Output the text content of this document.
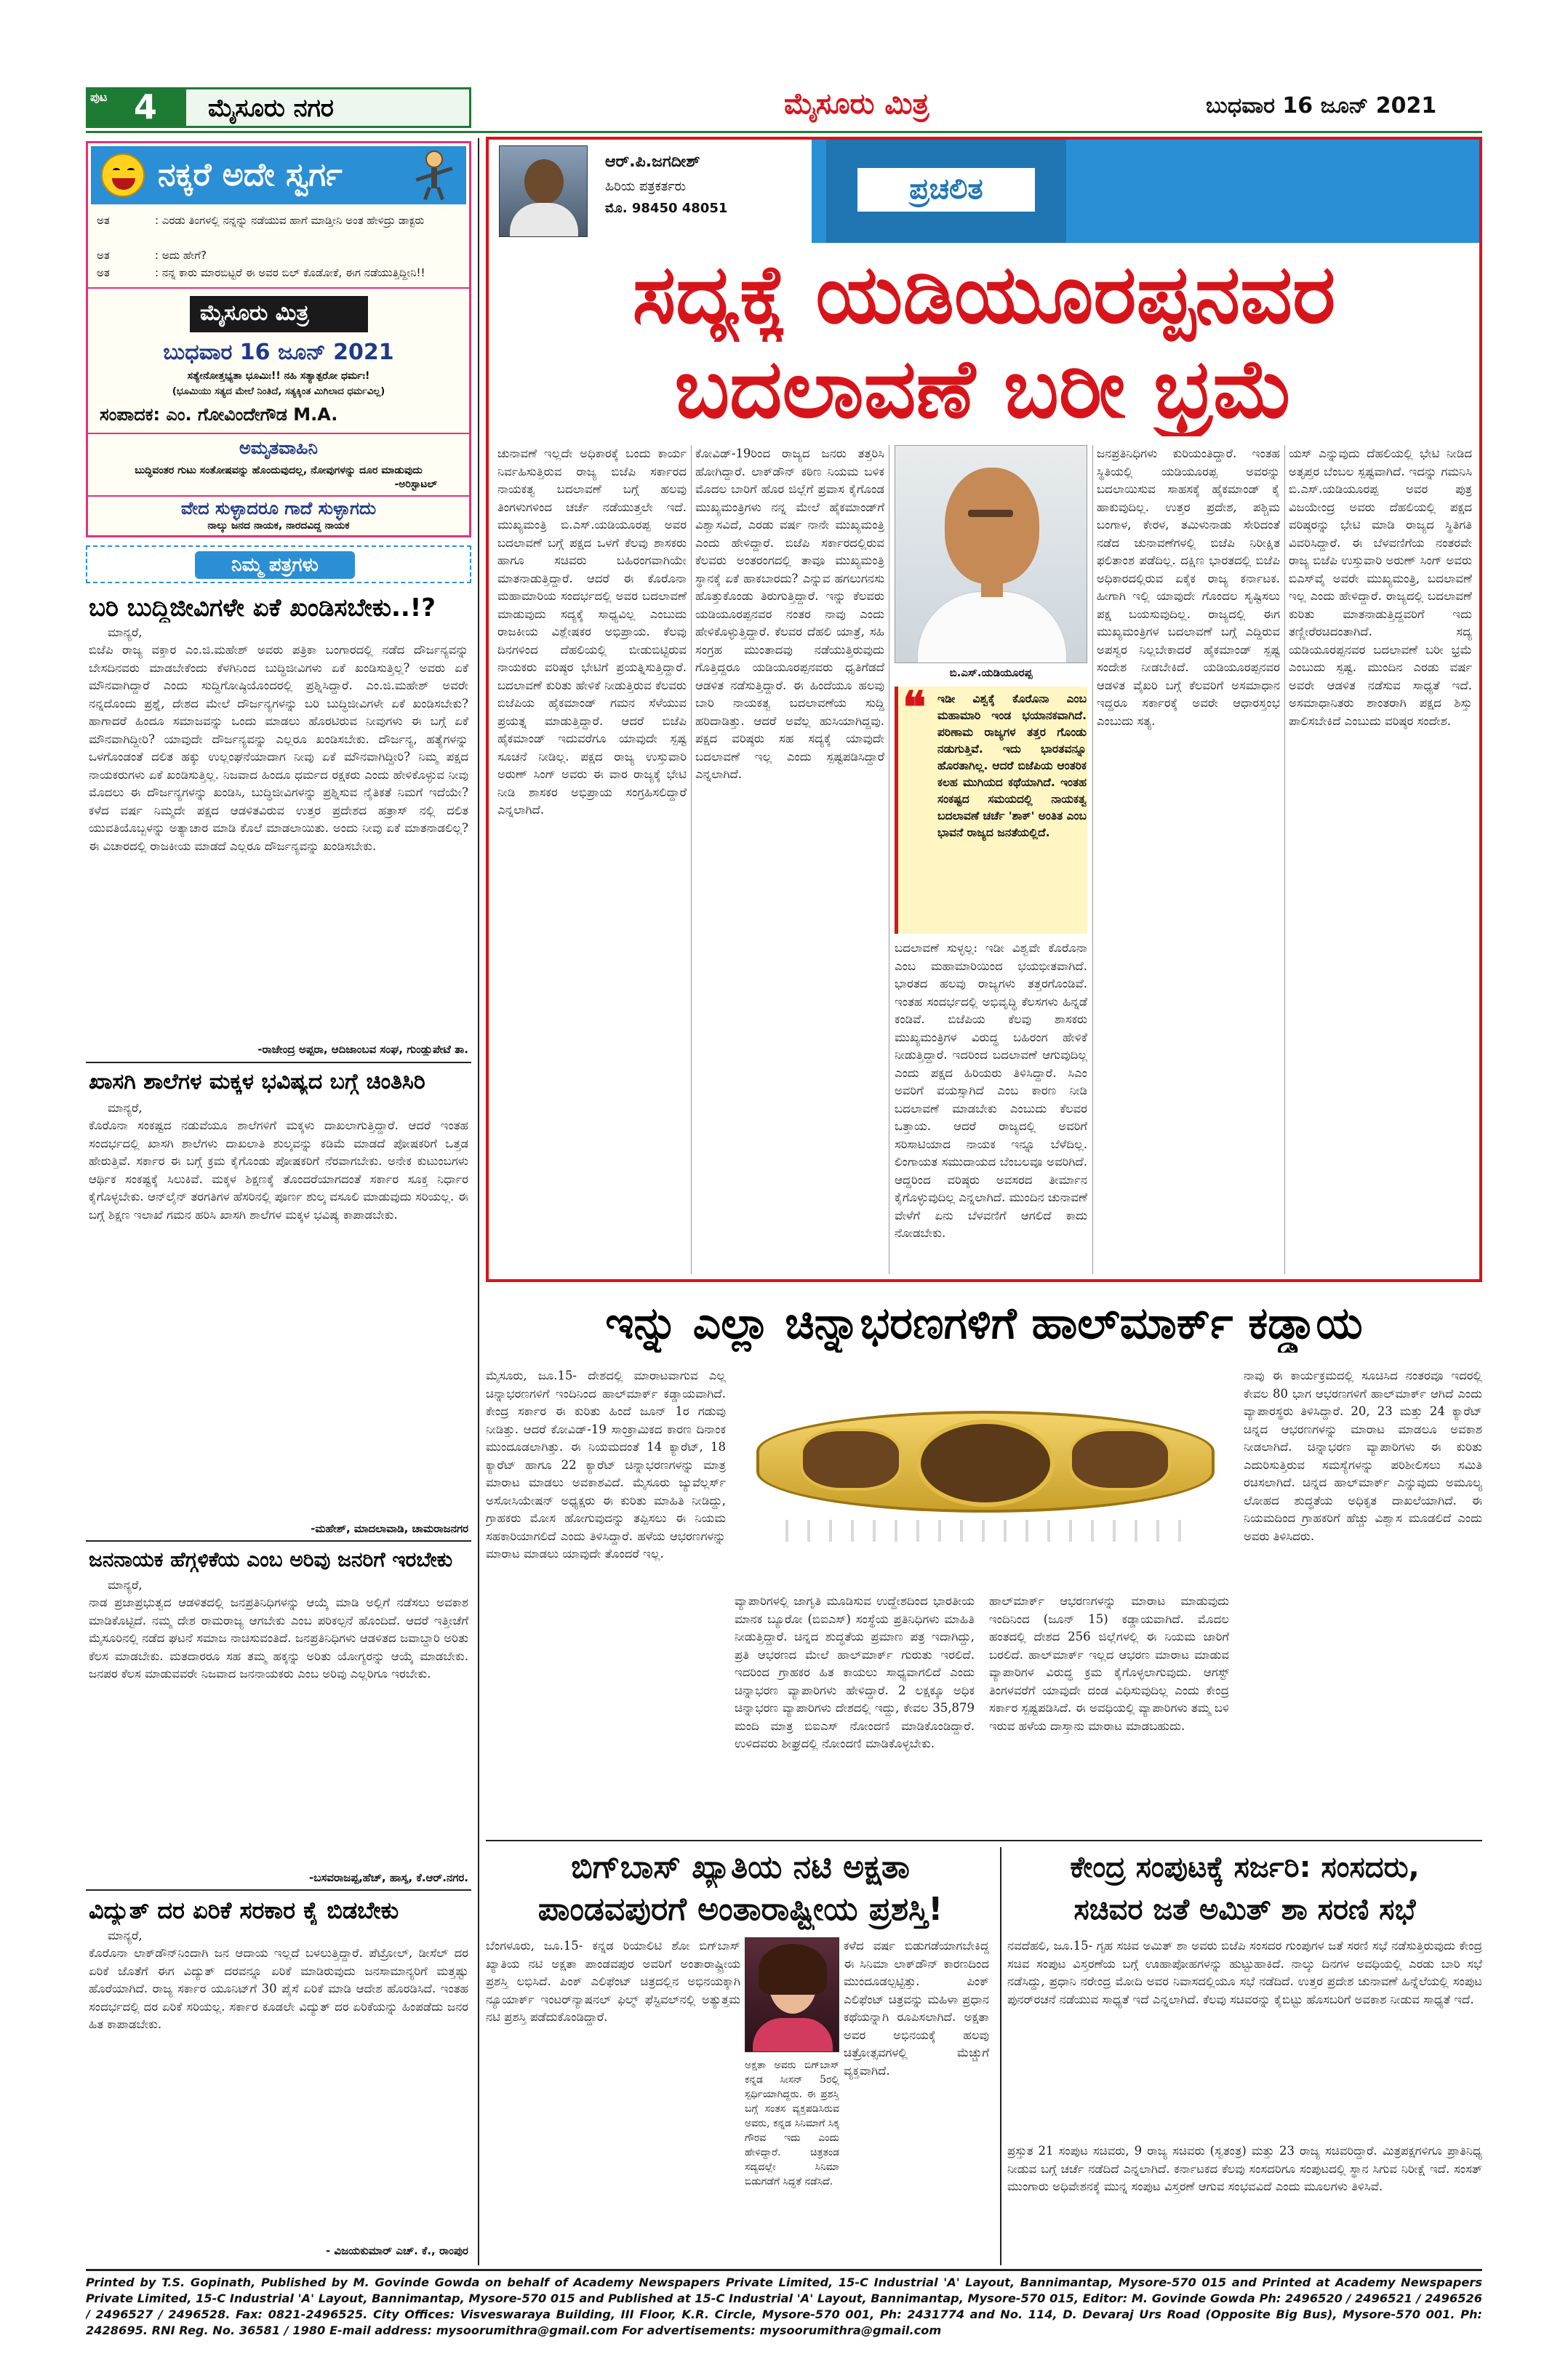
ಪುಟ 4 ಮೈಸೂರು ನಗರ	ಮೈಸೂರು ಮಿತ್ರ	ಬುಧವಾರ 16 ಜೂನ್ 2021
ನಕ್ಕರೆ ಅದೇ ಸ್ವರ್ಗ
ಅತ	: ಎರಡು ತಿಂಗಳಲ್ಲಿ ನನ್ನನ್ನು ನಡೆಯುವ ಹಾಗೆ ಮಾಡ್ತೀನಿ ಅಂತ ಹೇಳಿದ್ರು ಡಾಕ್ಟರು
ಅತ	: ಅದು ಹೇಗೆ?
ಅತ	: ನನ್ನ ಕಾರು ಮಾರಬಿಟ್ಟರೆ ಈ ಅವರ ಬಿಲ್ ಕೊಡೋಕೆ, ಈಗ ನಡೆಯುತ್ತಿದ್ದೀನಿ!!
ಮೈಸೂರು ಮಿತ್ರ
ಬುಧವಾರ 16 ಜೂನ್ 2021
ಸತ್ಯೇನೋತ್ತಭ್ಯತಾ ಭೂಮಿಃ!! ನಹಿ ಸತ್ಯಾತ್ಪರೋ ಧರ್ಮಃ!
(ಭೂಮಿಯು ಸತ್ಯದ ಮೇಲೆ ನಿಂತಿದೆ, ಸತ್ಯಕ್ಕಿಂತ ಮಿಗಿಲಾದ ಧರ್ಮವಿಲ್ಲ)
ಸಂಪಾದಕ: ಎಂ. ಗೋವಿಂದೇಗೌಡ M.A.
ಅಮೃತವಾಹಿನಿ
ಬುದ್ಧಿವಂತರ ಗುಟು ಸಂತೋಷವನ್ನು ಹೊಂದುವುದಲ್ಲ, ನೋವುಗಳನ್ನು ದೂರ ಮಾಡುವುದು
-ಅರಿಸ್ಟಾಟಲ್
ವೇದ ಸುಳ್ಳಾದರೂ ಗಾದೆ ಸುಳ್ಳಾಗದು
ನಾಲ್ಕು ಜನದ ನಾಯಕ, ನಾರದವಿದ್ದ ನಾಯಕ
ನಿಮ್ಮ ಪತ್ರಗಳು
ಬರಿ ಬುದ್ಧಿಜೀವಿಗಳೇ ಏಕೆ ಖಂಡಿಸಬೇಕು..!?
ಮಾನ್ಯರೆ,
ಬಿಜೆಪಿ ರಾಜ್ಯ ವಕ್ತಾರ ಎಂ.ಜಿ.ಮಹೇಶ್ ಅವರು ಪತ್ರಿಕಾ ಬಂಗಾರದಲ್ಲಿ ನಡೆದ ದೌರ್ಜನ್ಯವನ್ನು ಬೇಸದಿನವರು ಮಾಡಬೇಕೆಂದು ಕೆಳಗಿನಿಂದ ಬುದ್ಧಿಜೀವಿಗಳು ಏಕೆ ಖಂಡಿಸುತ್ತಿಲ್ಲ? ಅವರು ಏಕೆ ಮೌನವಾಗಿದ್ದಾರೆ ಎಂದು ಸುದ್ದಿಗೋಷ್ಠಿಯೊಂದರಲ್ಲಿ ಪ್ರಶ್ನಿಸಿದ್ದಾರೆ. ಎಂ.ಜಿ.ಮಹೇಶ್ ಅವರೇ ನನ್ನದೊಂದು ಪ್ರಶ್ನೆ, ದೇಶದ ಮೇಲೆ ದೌರ್ಜನ್ಯಗಳನ್ನು ಬರಿ ಬುದ್ಧಿಜೀವಿಗಳೇ ಏಕೆ ಖಂಡಿಸಬೇಕು? ಹಾಗಾದರೆ ಹಿಂದೂ ಸಮಾಜವನ್ನು ಒಂದು ಮಾಡಲು ಹೊರಟಿರುವ ನೀವುಗಳು ಈ ಬಗ್ಗೆ ಏಕೆ ಮೌನವಾಗಿದ್ದೀರಿ? ಯಾವುದೇ ದೌರ್ಜನ್ಯವನ್ನು ಎಲ್ಲರೂ ಖಂಡಿಸಬೇಕು. ದೌರ್ಜನ್ಯ, ಹತ್ಯೆಗಳನ್ನು ಒಳಗೊಂಡಂತೆ ದಲಿತ ಹಕ್ಕು ಉಲ್ಲಂಘನೆಯಾದಾಗ ನೀವು ಏಕೆ ಮೌನವಾಗಿದ್ದೀರಿ? ನಿಮ್ಮ ಪಕ್ಷದ ನಾಯಕರುಗಳು ಏಕೆ ಖಂಡಿಸುತ್ತಿಲ್ಲ. ನಿಜವಾದ ಹಿಂದೂ ಧರ್ಮದ ರಕ್ಷಕರು ಎಂದು ಹೇಳಿಕೊಳ್ಳುವ ನೀವು ಮೊದಲು ಈ ದೌರ್ಜನ್ಯಗಳನ್ನು ಖಂಡಿಸಿ, ಬುದ್ಧಿಜೀವಿಗಳನ್ನು ಪ್ರಶ್ನಿಸುವ ನೈತಿಕತೆ ನಿಮಗೆ ಇದೆಯೇ? ಕಳೆದ ವರ್ಷ ನಿಮ್ಮದೇ ಪಕ್ಷದ ಆಡಳಿತವಿರುವ ಉತ್ತರ ಪ್ರದೇಶದ ಹತ್ರಾಸ್ ನಲ್ಲಿ ದಲಿತ ಯುವತಿಯೊಬ್ಬಳನ್ನು ಅತ್ಯಾಚಾರ ಮಾಡಿ ಕೊಲೆ ಮಾಡಲಾಯಿತು. ಅಂದು ನೀವು ಏಕೆ ಮಾತನಾಡಲಿಲ್ಲ? ಈ ವಿಚಾರದಲ್ಲಿ ರಾಜಕೀಯ ಮಾಡದೆ ಎಲ್ಲರೂ ದೌರ್ಜನ್ಯವನ್ನು ಖಂಡಿಸಬೇಕು.
-ರಾಜೇಂದ್ರ ಅಪ್ಪರಾ, ಆದಿಜಾಂಬವ ಸಂಘ, ಗುಂಡ್ಲುಪೇಟೆ ತಾ.
ಖಾಸಗಿ ಶಾಲೆಗಳ ಮಕ್ಕಳ ಭವಿಷ್ಯದ ಬಗ್ಗೆ ಚಿಂತಿಸಿರಿ
ಮಾನ್ಯರೆ,
ಕೊರೊನಾ ಸಂಕಷ್ಟದ ನಡುವೆಯೂ ಶಾಲೆಗಳಿಗೆ ಮಕ್ಕಳು ದಾಖಲಾಗುತ್ತಿದ್ದಾರೆ. ಆದರೆ ಇಂತಹ ಸಂದರ್ಭದಲ್ಲಿ ಖಾಸಗಿ ಶಾಲೆಗಳು ದಾಖಲಾತಿ ಶುಲ್ಕವನ್ನು ಕಡಿಮೆ ಮಾಡದೆ ಪೋಷಕರಿಗೆ ಒತ್ತಡ ಹೇರುತ್ತಿವೆ. ಸರ್ಕಾರ ಈ ಬಗ್ಗೆ ಕ್ರಮ ಕೈಗೊಂಡು ಪೋಷಕರಿಗೆ ನೆರವಾಗಬೇಕು. ಅನೇಕ ಕುಟುಂಬಗಳು ಆರ್ಥಿಕ ಸಂಕಷ್ಟಕ್ಕೆ ಸಿಲುಕಿವೆ. ಮಕ್ಕಳ ಶಿಕ್ಷಣಕ್ಕೆ ತೊಂದರೆಯಾಗದಂತೆ ಸರ್ಕಾರ ಸೂಕ್ತ ನಿರ್ಧಾರ ಕೈಗೊಳ್ಳಬೇಕು. ಆನ್‌ಲೈನ್ ತರಗತಿಗಳ ಹೆಸರಿನಲ್ಲಿ ಪೂರ್ಣ ಶುಲ್ಕ ವಸೂಲಿ ಮಾಡುವುದು ಸರಿಯಲ್ಲ. ಈ ಬಗ್ಗೆ ಶಿಕ್ಷಣ ಇಲಾಖೆ ಗಮನ ಹರಿಸಿ ಖಾಸಗಿ ಶಾಲೆಗಳ ಮಕ್ಕಳ ಭವಿಷ್ಯ ಕಾಪಾಡಬೇಕು.
-ಮಹೇಶ್, ಮಾದಲಾವಾಡಿ, ಚಾಮರಾಜನಗರ
ಜನನಾಯಕ ಹೆಗ್ಗಳಿಕೆಯ ಎಂಬ ಅರಿವು ಜನರಿಗೆ ಇರಬೇಕು
ಮಾನ್ಯರೆ,
ನಾಡ ಪ್ರಜಾಪ್ರಭುತ್ವದ ಆಡಳಿತದಲ್ಲಿ ಜನಪ್ರತಿನಿಧಿಗಳನ್ನು ಆಯ್ಕೆ ಮಾಡಿ ಅಲ್ಲಿಗೆ ನಡೆಸಲು ಅವಕಾಶ ಮಾಡಿಕೊಟ್ಟಿದೆ. ನಮ್ಮ ದೇಶ ರಾಮರಾಜ್ಯ ಆಗಬೇಕು ಎಂಬ ಪರಿಕಲ್ಪನೆ ಹೊಂದಿದೆ. ಆದರೆ ಇತ್ತೀಚೆಗೆ ಮೈಸೂರಿನಲ್ಲಿ ನಡೆದ ಘಟನೆ ಸಮಾಜ ನಾಚಿಸುವಂತಿದೆ. ಜನಪ್ರತಿನಿಧಿಗಳು ಆಡಳಿತದ ಜವಾಬ್ದಾರಿ ಅರಿತು ಕೆಲಸ ಮಾಡಬೇಕು. ಮತದಾರರೂ ಸಹ ತಮ್ಮ ಹಕ್ಕನ್ನು ಅರಿತು ಯೋಗ್ಯರನ್ನು ಆಯ್ಕೆ ಮಾಡಬೇಕು. ಜನಪರ ಕೆಲಸ ಮಾಡುವವರೇ ನಿಜವಾದ ಜನನಾಯಕರು ಎಂಬ ಅರಿವು ಎಲ್ಲರಿಗೂ ಇರಬೇಕು.
-ಬಸವರಾಜಪ್ಪ,ಹೆಚ್, ಹಾಸ್ಯ, ಕೆ.ಆರ್.ನಗರ.
ವಿದ್ಯುತ್ ದರ ಏರಿಕೆ ಸರಕಾರ ಕೈ ಬಿಡಬೇಕು
ಮಾನ್ಯರೆ,
ಕೊರೊನಾ ಲಾಕ್‌ಡೌನ್‌ನಿಂದಾಗಿ ಜನ ಆದಾಯ ಇಲ್ಲದೆ ಬಳಲುತ್ತಿದ್ದಾರೆ. ಪೆಟ್ರೋಲ್, ಡೀಸೆಲ್ ದರ ಏರಿಕೆ ಜೊತೆಗೆ ಈಗ ವಿದ್ಯುತ್ ದರವನ್ನೂ ಏರಿಕೆ ಮಾಡಿರುವುದು ಜನಸಾಮಾನ್ಯರಿಗೆ ಮತ್ತಷ್ಟು ಹೊರೆಯಾಗಿದೆ. ರಾಜ್ಯ ಸರ್ಕಾರ ಯೂನಿಟ್‌ಗೆ 30 ಪೈಸೆ ಏರಿಕೆ ಮಾಡಿ ಆದೇಶ ಹೊರಡಿಸಿದೆ. ಇಂತಹ ಸಂದರ್ಭದಲ್ಲಿ ದರ ಏರಿಕೆ ಸರಿಯಲ್ಲ. ಸರ್ಕಾರ ಕೂಡಲೇ ವಿದ್ಯುತ್ ದರ ಏರಿಕೆಯನ್ನು ಹಿಂಪಡೆದು ಜನರ ಹಿತ ಕಾಪಾಡಬೇಕು.
- ವಿಜಯಕುಮಾರ್ ಎಚ್. ಕೆ., ರಾಂಪುರ
ಆರ್.ಪಿ.ಜಗದೀಶ್
ಹಿರಿಯ ಪತ್ರಕರ್ತರು
ಮೊ. 98450 48051
ಪ್ರಚಲಿತ
ಸದ್ಯಕ್ಕೆ ಯಡಿಯೂರಪ್ಪನವರ
ಬದಲಾವಣೆ ಬರೀ ಭ್ರಮೆ
ಚುನಾವಣೆ ಇಲ್ಲದೇ ಅಧಿಕಾರಕ್ಕೆ ಬಂದು ಕಾರ್ಯ ನಿರ್ವಹಿಸುತ್ತಿರುವ ರಾಜ್ಯ ಬಿಜೆಪಿ ಸರ್ಕಾರದ ನಾಯಕತ್ವ ಬದಲಾವಣೆ ಬಗ್ಗೆ ಹಲವು ತಿಂಗಳುಗಳಿಂದ ಚರ್ಚೆ ನಡೆಯುತ್ತಲೇ ಇದೆ. ಮುಖ್ಯಮಂತ್ರಿ ಬಿ.ಎಸ್.ಯಡಿಯೂರಪ್ಪ ಅವರ ಬದಲಾವಣೆ ಬಗ್ಗೆ ಪಕ್ಷದ ಒಳಗೆ ಕೆಲವು ಶಾಸಕರು ಹಾಗೂ ಸಚಿವರು ಬಹಿರಂಗವಾಗಿಯೇ ಮಾತನಾಡುತ್ತಿದ್ದಾರೆ. ಆದರೆ ಈ ಕೊರೊನಾ ಮಹಾಮಾರಿಯ ಸಂದರ್ಭದಲ್ಲಿ ಅವರ ಬದಲಾವಣೆ ಮಾಡುವುದು ಸದ್ಯಕ್ಕೆ ಸಾಧ್ಯವಿಲ್ಲ ಎಂಬುದು ರಾಜಕೀಯ ವಿಶ್ಲೇಷಕರ ಅಭಿಪ್ರಾಯ. ಕೆಲವು ದಿನಗಳಿಂದ ದೆಹಲಿಯಲ್ಲಿ ಬೀಡುಬಿಟ್ಟಿರುವ ನಾಯಕರು ವರಿಷ್ಠರ ಭೇಟಿಗೆ ಪ್ರಯತ್ನಿಸುತ್ತಿದ್ದಾರೆ. ಬದಲಾವಣೆ ಕುರಿತು ಹೇಳಿಕೆ ನೀಡುತ್ತಿರುವ ಕೆಲವರು ಬಿಜೆಪಿಯ ಹೈಕಮಾಂಡ್ ಗಮನ ಸೆಳೆಯುವ ಪ್ರಯತ್ನ ಮಾಡುತ್ತಿದ್ದಾರೆ. ಆದರೆ ಬಿಜೆಪಿ ಹೈಕಮಾಂಡ್ ಇದುವರೆಗೂ ಯಾವುದೇ ಸ್ಪಷ್ಟ ಸೂಚನೆ ನೀಡಿಲ್ಲ. ಪಕ್ಷದ ರಾಜ್ಯ ಉಸ್ತುವಾರಿ ಅರುಣ್ ಸಿಂಗ್ ಅವರು ಈ ವಾರ ರಾಜ್ಯಕ್ಕೆ ಭೇಟಿ ನೀಡಿ ಶಾಸಕರ ಅಭಿಪ್ರಾಯ ಸಂಗ್ರಹಿಸಲಿದ್ದಾರೆ ಎನ್ನಲಾಗಿದೆ.
ಕೋವಿಡ್-19ರಿಂದ ರಾಜ್ಯದ ಜನರು ತತ್ತರಿಸಿ ಹೋಗಿದ್ದಾರೆ. ಲಾಕ್‌ಡೌನ್ ಕಠಿಣ ನಿಯಮ ಬಳಿಕ ಮೊದಲ ಬಾರಿಗೆ ಹೊರ ಜಿಲ್ಲೆಗೆ ಪ್ರವಾಸ ಕೈಗೊಂಡ ಮುಖ್ಯಮಂತ್ರಿಗಳು ನನ್ನ ಮೇಲೆ ಹೈಕಮಾಂಡ್‌ಗೆ ವಿಶ್ವಾಸವಿದೆ, ಎರಡು ವರ್ಷ ನಾನೇ ಮುಖ್ಯಮಂತ್ರಿ ಎಂದು ಹೇಳಿದ್ದಾರೆ. ಬಿಜೆಪಿ ಸರ್ಕಾರದಲ್ಲಿರುವ ಕೆಲವರು ಅಂತರಂಗದಲ್ಲಿ ತಾವೂ ಮುಖ್ಯಮಂತ್ರಿ ಸ್ಥಾನಕ್ಕೆ ಏಕೆ ಹಾಕಬಾರದು? ಎನ್ನುವ ಹಗಲುಗನಸು ಹೊತ್ತುಕೊಂಡು ತಿರುಗುತ್ತಿದ್ದಾರೆ. ಇನ್ನು ಕೆಲವರು ಯಡಿಯೂರಪ್ಪನವರ ನಂತರ ನಾವು ಎಂದು ಹೇಳಿಕೊಳ್ಳುತ್ತಿದ್ದಾರೆ. ಕೆಲವರ ದೆಹಲಿ ಯಾತ್ರೆ, ಸಹಿ ಸಂಗ್ರಹ ಮುಂತಾದವು ನಡೆಯುತ್ತಿರುವುದು ಗೊತ್ತಿದ್ದರೂ ಯಡಿಯೂರಪ್ಪನವರು ಧೃತಿಗೆಡದೆ ಆಡಳಿತ ನಡೆಸುತ್ತಿದ್ದಾರೆ. ಈ ಹಿಂದೆಯೂ ಹಲವು ಬಾರಿ ನಾಯಕತ್ವ ಬದಲಾವಣೆಯ ಸುದ್ದಿ ಹರಿದಾಡಿತ್ತು. ಆದರೆ ಅವೆಲ್ಲ ಹುಸಿಯಾಗಿದ್ದವು. ಪಕ್ಷದ ವರಿಷ್ಠರು ಸಹ ಸದ್ಯಕ್ಕೆ ಯಾವುದೇ ಬದಲಾವಣೆ ಇಲ್ಲ ಎಂದು ಸ್ಪಷ್ಟಪಡಿಸಿದ್ದಾರೆ ಎನ್ನಲಾಗಿದೆ.
ಬಿ.ಎಸ್.ಯಡಿಯೂರಪ್ಪ
❝ ಇಡೀ ವಿಶ್ವಕ್ಕೆ ಕೊರೊನಾ ಎಂಬ ಮಹಾಮಾರಿ ಇಂಡ ಭಯಾನಕವಾಗಿದೆ. ಪರಿಣಾಮ ರಾಜ್ಯಗಳ ತತ್ತರ ಗೊಂಡು ನಡುಗುತ್ತಿವೆ. ಇದು ಭಾರತವನ್ನೂ ಹೊರತಾಗಿಲ್ಲ. ಆದರೆ ಬಿಜೆಪಿಯ ಆಂತರಿಕ ಕಲಹ ಮುಗಿಯದ ಕಥೆಯಾಗಿದೆ. ಇಂತಹ ಸಂಕಷ್ಟದ ಸಮಯದಲ್ಲಿ ನಾಯಕತ್ವ ಬದಲಾವಣೆ ಚರ್ಚೆ 'ಶಾಕ್' ಅಂತಿತ ಎಂಬ ಭಾವನೆ ರಾಜ್ಯದ ಜನತೆಯಲ್ಲಿದೆ.
ಬದಲಾವಣೆ ಸುಳ್ಳಲ್ಲ: ಇಡೀ ವಿಶ್ವವೇ ಕೊರೊನಾ ಎಂಬ ಮಹಾಮಾರಿಯಿಂದ ಭಯಭೀತವಾಗಿದೆ. ಭಾರತದ ಹಲವು ರಾಜ್ಯಗಳು ತತ್ತರಗೊಂಡಿವೆ. ಇಂತಹ ಸಂದರ್ಭದಲ್ಲಿ ಅಭಿವೃದ್ಧಿ ಕೆಲಸಗಳು ಹಿನ್ನಡೆ ಕಂಡಿವೆ. ಬಿಜೆಪಿಯ ಕೆಲವು ಶಾಸಕರು ಮುಖ್ಯಮಂತ್ರಿಗಳ ವಿರುದ್ಧ ಬಹಿರಂಗ ಹೇಳಿಕೆ ನೀಡುತ್ತಿದ್ದಾರೆ. ಇದರಿಂದ ಬದಲಾವಣೆ ಆಗುವುದಿಲ್ಲ ಎಂದು ಪಕ್ಷದ ಹಿರಿಯರು ತಿಳಿಸಿದ್ದಾರೆ. ಸಿಎಂ ಅವರಿಗೆ ವಯಸ್ಸಾಗಿದೆ ಎಂಬ ಕಾರಣ ನೀಡಿ ಬದಲಾವಣೆ ಮಾಡಬೇಕು ಎಂಬುದು ಕೆಲವರ ಒತ್ತಾಯ. ಆದರೆ ರಾಜ್ಯದಲ್ಲಿ ಅವರಿಗೆ ಸರಿಸಾಟಿಯಾದ ನಾಯಕ ಇನ್ನೂ ಬೆಳೆದಿಲ್ಲ. ಲಿಂಗಾಯತ ಸಮುದಾಯದ ಬೆಂಬಲವೂ ಅವರಿಗಿದೆ. ಆದ್ದರಿಂದ ವರಿಷ್ಠರು ಅವಸರದ ತೀರ್ಮಾನ ಕೈಗೊಳ್ಳುವುದಿಲ್ಲ ಎನ್ನಲಾಗಿದೆ. ಮುಂದಿನ ಚುನಾವಣೆ ವೇಳೆಗೆ ಏನು ಬೆಳವಣಿಗೆ ಆಗಲಿದೆ ಕಾದು ನೋಡಬೇಕು.
ಜನಪ್ರತಿನಿಧಿಗಳು ಕುರಿಯಂತಿದ್ದಾರೆ. ಇಂತಹ ಸ್ಥಿತಿಯಲ್ಲಿ ಯಡಿಯೂರಪ್ಪ ಅವರನ್ನು ಬದಲಾಯಿಸುವ ಸಾಹಸಕ್ಕೆ ಹೈಕಮಾಂಡ್ ಕೈ ಹಾಕುವುದಿಲ್ಲ. ಉತ್ತರ ಪ್ರದೇಶ, ಪಶ್ಚಿಮ ಬಂಗಾಳ, ಕೇರಳ, ತಮಿಳುನಾಡು ಸೇರಿದಂತೆ ನಡೆದ ಚುನಾವಣೆಗಳಲ್ಲಿ ಬಿಜೆಪಿ ನಿರೀಕ್ಷಿತ ಫಲಿತಾಂಶ ಪಡೆದಿಲ್ಲ. ದಕ್ಷಿಣ ಭಾರತದಲ್ಲಿ ಬಿಜೆಪಿ ಅಧಿಕಾರದಲ್ಲಿರುವ ಏಕೈಕ ರಾಜ್ಯ ಕರ್ನಾಟಕ. ಹೀಗಾಗಿ ಇಲ್ಲಿ ಯಾವುದೇ ಗೊಂದಲ ಸೃಷ್ಟಿಸಲು ಪಕ್ಷ ಬಯಸುವುದಿಲ್ಲ. ರಾಜ್ಯದಲ್ಲಿ ಈಗ ಮುಖ್ಯಮಂತ್ರಿಗಳ ಬದಲಾವಣೆ ಬಗ್ಗೆ ಎದ್ದಿರುವ ಅಪಸ್ವರ ನಿಲ್ಲಬೇಕಾದರೆ ಹೈಕಮಾಂಡ್ ಸ್ಪಷ್ಟ ಸಂದೇಶ ನೀಡಬೇಕಿದೆ. ಯಡಿಯೂರಪ್ಪನವರ ಆಡಳಿತ ವೈಖರಿ ಬಗ್ಗೆ ಕೆಲವರಿಗೆ ಅಸಮಾಧಾನ ಇದ್ದರೂ ಸರ್ಕಾರಕ್ಕೆ ಅವರೇ ಆಧಾರಸ್ತಂಭ ಎಂಬುದು ಸತ್ಯ.
ಯಸ್ ಎನ್ನುವುದು ದೆಹಲಿಯಲ್ಲಿ ಭೇಟಿ ನೀಡಿದ ಅತೃಪ್ತರ ಬೆಂಬಲ ಸ್ಪಷ್ಟವಾಗಿದೆ. ಇದನ್ನು ಗಮನಿಸಿ ಬಿ.ಎಸ್.ಯಡಿಯೂರಪ್ಪ ಅವರ ಪುತ್ರ ವಿಜಯೇಂದ್ರ ಅವರು ದೆಹಲಿಯಲ್ಲಿ ಪಕ್ಷದ ವರಿಷ್ಠರನ್ನು ಭೇಟಿ ಮಾಡಿ ರಾಜ್ಯದ ಸ್ಥಿತಿಗತಿ ವಿವರಿಸಿದ್ದಾರೆ. ಈ ಬೆಳವಣಿಗೆಯ ನಂತರವೇ ರಾಜ್ಯ ಬಿಜೆಪಿ ಉಸ್ತುವಾರಿ ಅರುಣ್ ಸಿಂಗ್ ಅವರು ಬಿಎಸ್‌ವೈ ಅವರೇ ಮುಖ್ಯಮಂತ್ರಿ, ಬದಲಾವಣೆ ಇಲ್ಲ ಎಂದು ಹೇಳಿದ್ದಾರೆ. ರಾಜ್ಯದಲ್ಲಿ ಬದಲಾವಣೆ ಕುರಿತು ಮಾತನಾಡುತ್ತಿದ್ದವರಿಗೆ ಇದು ತಣ್ಣೀರೆರಚಿದಂತಾಗಿದೆ. ಸದ್ಯ ಯಡಿಯೂರಪ್ಪನವರ ಬದಲಾವಣೆ ಬರೀ ಭ್ರಮೆ ಎಂಬುದು ಸ್ಪಷ್ಟ. ಮುಂದಿನ ಎರಡು ವರ್ಷ ಅವರೇ ಆಡಳಿತ ನಡೆಸುವ ಸಾಧ್ಯತೆ ಇದೆ. ಅಸಮಾಧಾನಿತರು ಶಾಂತರಾಗಿ ಪಕ್ಷದ ಶಿಸ್ತು ಪಾಲಿಸಬೇಕಿದೆ ಎಂಬುದು ವರಿಷ್ಠರ ಸಂದೇಶ.
ಇನ್ನು ಎಲ್ಲಾ ಚಿನ್ನಾಭರಣಗಳಿಗೆ ಹಾಲ್‌ಮಾರ್ಕ್ ಕಡ್ಡಾಯ
ಮೈಸೂರು, ಜೂ.15- ದೇಶದಲ್ಲಿ ಮಾರಾಟವಾಗುವ ಎಲ್ಲ ಚಿನ್ನಾಭರಣಗಳಿಗೆ ಇಂದಿನಿಂದ ಹಾಲ್‌ಮಾರ್ಕ್ ಕಡ್ಡಾಯವಾಗಿದೆ. ಕೇಂದ್ರ ಸರ್ಕಾರ ಈ ಕುರಿತು ಹಿಂದೆ ಜೂನ್ 1ರ ಗಡುವು ನೀಡಿತ್ತು. ಆದರೆ ಕೋವಿಡ್-19 ಸಾಂಕ್ರಾಮಿಕದ ಕಾರಣ ದಿನಾಂಕ ಮುಂದೂಡಲಾಗಿತ್ತು. ಈ ನಿಯಮದಂತೆ 14 ಕ್ಯಾರೆಟ್, 18 ಕ್ಯಾರೆಟ್ ಹಾಗೂ 22 ಕ್ಯಾರೆಟ್ ಚಿನ್ನಾಭರಣಗಳನ್ನು ಮಾತ್ರ ಮಾರಾಟ ಮಾಡಲು ಅವಕಾಶವಿದೆ. ಮೈಸೂರು ಜ್ಯುವೆಲ್ಲರ್ಸ್ ಅಸೋಸಿಯೇಷನ್ ಅಧ್ಯಕ್ಷರು ಈ ಕುರಿತು ಮಾಹಿತಿ ನೀಡಿದ್ದು, ಗ್ರಾಹಕರು ಮೋಸ ಹೋಗುವುದನ್ನು ತಪ್ಪಿಸಲು ಈ ನಿಯಮ ಸಹಕಾರಿಯಾಗಲಿದೆ ಎಂದು ತಿಳಿಸಿದ್ದಾರೆ. ಹಳೆಯ ಆಭರಣಗಳನ್ನು ಮಾರಾಟ ಮಾಡಲು ಯಾವುದೇ ತೊಂದರೆ ಇಲ್ಲ.
ವ್ಯಾಪಾರಿಗಳಲ್ಲಿ ಜಾಗೃತಿ ಮೂಡಿಸುವ ಉದ್ದೇಶದಿಂದ ಭಾರತೀಯ ಮಾನಕ ಬ್ಯೂರೋ (ಬಿಐಎಸ್) ಸಂಸ್ಥೆಯ ಪ್ರತಿನಿಧಿಗಳು ಮಾಹಿತಿ ನೀಡುತ್ತಿದ್ದಾರೆ. ಚಿನ್ನದ ಶುದ್ಧತೆಯ ಪ್ರಮಾಣ ಪತ್ರ ಇದಾಗಿದ್ದು, ಪ್ರತಿ ಆಭರಣದ ಮೇಲೆ ಹಾಲ್‌ಮಾರ್ಕ್ ಗುರುತು ಇರಲಿದೆ. ಇದರಿಂದ ಗ್ರಾಹಕರ ಹಿತ ಕಾಯಲು ಸಾಧ್ಯವಾಗಲಿದೆ ಎಂದು ಚಿನ್ನಾಭರಣ ವ್ಯಾಪಾರಿಗಳು ಹೇಳಿದ್ದಾರೆ. 2 ಲಕ್ಷಕ್ಕೂ ಅಧಿಕ ಚಿನ್ನಾಭರಣ ವ್ಯಾಪಾರಿಗಳು ದೇಶದಲ್ಲಿ ಇದ್ದು, ಕೇವಲ 35,879 ಮಂದಿ ಮಾತ್ರ ಬಿಐಎಸ್ ನೋಂದಣಿ ಮಾಡಿಕೊಂಡಿದ್ದಾರೆ. ಉಳಿದವರು ಶೀಘ್ರದಲ್ಲಿ ನೋಂದಣಿ ಮಾಡಿಕೊಳ್ಳಬೇಕು.
ಹಾಲ್‌ಮಾರ್ಕ್ ಆಭರಣಗಳನ್ನು ಮಾರಾಟ ಮಾಡುವುದು ಇಂದಿನಿಂದ (ಜೂನ್ 15) ಕಡ್ಡಾಯವಾಗಿದೆ. ಮೊದಲ ಹಂತದಲ್ಲಿ ದೇಶದ 256 ಜಿಲ್ಲೆಗಳಲ್ಲಿ ಈ ನಿಯಮ ಜಾರಿಗೆ ಬರಲಿದೆ. ಹಾಲ್‌ಮಾರ್ಕ್ ಇಲ್ಲದ ಆಭರಣ ಮಾರಾಟ ಮಾಡುವ ವ್ಯಾಪಾರಿಗಳ ವಿರುದ್ಧ ಕ್ರಮ ಕೈಗೊಳ್ಳಲಾಗುವುದು. ಆಗಸ್ಟ್ ತಿಂಗಳವರೆಗೆ ಯಾವುದೇ ದಂಡ ವಿಧಿಸುವುದಿಲ್ಲ ಎಂದು ಕೇಂದ್ರ ಸರ್ಕಾರ ಸ್ಪಷ್ಟಪಡಿಸಿದೆ. ಈ ಅವಧಿಯಲ್ಲಿ ವ್ಯಾಪಾರಿಗಳು ತಮ್ಮ ಬಳಿ ಇರುವ ಹಳೆಯ ದಾಸ್ತಾನು ಮಾರಾಟ ಮಾಡಬಹುದು.
ನಾವು ಈ ಕಾರ್ಯಕ್ರಮದಲ್ಲಿ ಸೂಚಿಸಿದ ನಂತರವೂ ಇದರಲ್ಲಿ ಕೇವಲ 80 ಭಾಗ ಆಭರಣಗಳಿಗೆ ಹಾಲ್‌ಮಾರ್ಕ್ ಆಗಿದೆ ಎಂದು ವ್ಯಾಪಾರಸ್ಥರು ತಿಳಿಸಿದ್ದಾರೆ. 20, 23 ಮತ್ತು 24 ಕ್ಯಾರೆಟ್ ಚಿನ್ನದ ಆಭರಣಗಳನ್ನು ಮಾರಾಟ ಮಾಡಲೂ ಅವಕಾಶ ನೀಡಲಾಗಿದೆ. ಚಿನ್ನಾಭರಣ ವ್ಯಾಪಾರಿಗಳು ಈ ಕುರಿತು ಎದುರಿಸುತ್ತಿರುವ ಸಮಸ್ಯೆಗಳನ್ನು ಪರಿಶೀಲಿಸಲು ಸಮಿತಿ ರಚಿಸಲಾಗಿದೆ. ಚಿನ್ನದ ಹಾಲ್‌ಮಾರ್ಕ್ ಎನ್ನುವುದು ಅಮೂಲ್ಯ ಲೋಹದ ಶುದ್ಧತೆಯ ಅಧಿಕೃತ ದಾಖಲೆಯಾಗಿದೆ. ಈ ನಿಯಮದಿಂದ ಗ್ರಾಹಕರಿಗೆ ಹೆಚ್ಚು ವಿಶ್ವಾಸ ಮೂಡಲಿದೆ ಎಂದು ಅವರು ತಿಳಿಸಿದರು.
ಬಿಗ್‌ಬಾಸ್ ಖ್ಯಾತಿಯ ನಟಿ ಅಕ್ಷತಾ
ಪಾಂಡವಪುರಗೆ ಅಂತಾರಾಷ್ಟ್ರೀಯ ಪ್ರಶಸ್ತಿ!
ಬೆಂಗಳೂರು, ಜೂ.15- ಕನ್ನಡ ರಿಯಾಲಿಟಿ ಶೋ ಬಿಗ್‌ಬಾಸ್ ಖ್ಯಾತಿಯ ನಟಿ ಅಕ್ಷತಾ ಪಾಂಡವಪುರ ಅವರಿಗೆ ಅಂತಾರಾಷ್ಟ್ರೀಯ ಪ್ರಶಸ್ತಿ ಲಭಿಸಿದೆ. ಪಿಂಕ್ ಎಲಿಫೆಂಟ್ ಚಿತ್ರದಲ್ಲಿನ ಅಭಿನಯಕ್ಕಾಗಿ ನ್ಯೂಯಾರ್ಕ್ ಇಂಟರ್‌ನ್ಯಾಷನಲ್ ಫಿಲ್ಮ್ ಫೆಸ್ಟಿವಲ್‌ನಲ್ಲಿ ಅತ್ಯುತ್ತಮ ನಟಿ ಪ್ರಶಸ್ತಿ ಪಡೆದುಕೊಂಡಿದ್ದಾರೆ.
ಕಳೆದ ವರ್ಷ ಬಿಡುಗಡೆಯಾಗಬೇಕಿದ್ದ ಈ ಸಿನಿಮಾ ಲಾಕ್‌ಡೌನ್ ಕಾರಣದಿಂದ ಮುಂದೂಡಲ್ಪಟ್ಟಿತ್ತು. ಪಿಂಕ್ ಎಲಿಫೆಂಟ್ ಚಿತ್ರವನ್ನು ಮಹಿಳಾ ಪ್ರಧಾನ ಕಥೆಯನ್ನಾಗಿ ರೂಪಿಸಲಾಗಿದೆ. ಅಕ್ಷತಾ ಅವರ ಅಭಿನಯಕ್ಕೆ ಹಲವು ಚಿತ್ರೋತ್ಸವಗಳಲ್ಲಿ ಮೆಚ್ಚುಗೆ ವ್ಯಕ್ತವಾಗಿದೆ.
ಅಕ್ಷತಾ ಅವರು ಬಿಗ್‌ಬಾಸ್ ಕನ್ನಡ ಸೀಸನ್ 5ರಲ್ಲಿ ಸ್ಪರ್ಧಿಯಾಗಿದ್ದರು. ಈ ಪ್ರಶಸ್ತಿ ಬಗ್ಗೆ ಸಂತಸ ವ್ಯಕ್ತಪಡಿಸಿರುವ ಅವರು, ಕನ್ನಡ ಸಿನಿಮಾಗೆ ಸಿಕ್ಕ ಗೌರವ ಇದು ಎಂದು ಹೇಳಿದ್ದಾರೆ. ಚಿತ್ರತಂಡ ಸದ್ಯದಲ್ಲೇ ಸಿನಿಮಾ ಬಿಡುಗಡೆಗೆ ಸಿದ್ಧತೆ ನಡೆಸಿದೆ.
ಕೇಂದ್ರ ಸಂಪುಟಕ್ಕೆ ಸರ್ಜರಿ: ಸಂಸದರು,
ಸಚಿವರ ಜತೆ ಅಮಿತ್ ಶಾ ಸರಣಿ ಸಭೆ
ನವದೆಹಲಿ, ಜೂ.15- ಗೃಹ ಸಚಿವ ಅಮಿತ್ ಶಾ ಅವರು ಬಿಜೆಪಿ ಸಂಸದರ ಗುಂಪುಗಳ ಜತೆ ಸರಣಿ ಸಭೆ ನಡೆಸುತ್ತಿರುವುದು ಕೇಂದ್ರ ಸಚಿವ ಸಂಪುಟ ವಿಸ್ತರಣೆಯ ಬಗ್ಗೆ ಊಹಾಪೋಹಗಳನ್ನು ಹುಟ್ಟುಹಾಕಿದೆ. ನಾಲ್ಕು ದಿನಗಳ ಅವಧಿಯಲ್ಲಿ ಎರಡು ಬಾರಿ ಸಭೆ ನಡೆಸಿದ್ದು, ಪ್ರಧಾನಿ ನರೇಂದ್ರ ಮೋದಿ ಅವರ ನಿವಾಸದಲ್ಲಿಯೂ ಸಭೆ ನಡೆದಿದೆ. ಉತ್ತರ ಪ್ರದೇಶ ಚುನಾವಣೆ ಹಿನ್ನೆಲೆಯಲ್ಲಿ ಸಂಪುಟ ಪುನರ್‌ರಚನೆ ನಡೆಯುವ ಸಾಧ್ಯತೆ ಇದೆ ಎನ್ನಲಾಗಿದೆ. ಕೆಲವು ಸಚಿವರನ್ನು ಕೈಬಿಟ್ಟು ಹೊಸಬರಿಗೆ ಅವಕಾಶ ನೀಡುವ ಸಾಧ್ಯತೆ ಇದೆ.
ಪ್ರಸ್ತುತ 21 ಸಂಪುಟ ಸಚಿವರು, 9 ರಾಜ್ಯ ಸಚಿವರು (ಸ್ವತಂತ್ರ) ಮತ್ತು 23 ರಾಜ್ಯ ಸಚಿವರಿದ್ದಾರೆ. ಮಿತ್ರಪಕ್ಷಗಳಿಗೂ ಪ್ರಾತಿನಿಧ್ಯ ನೀಡುವ ಬಗ್ಗೆ ಚರ್ಚೆ ನಡೆದಿದೆ ಎನ್ನಲಾಗಿದೆ. ಕರ್ನಾಟಕದ ಕೆಲವು ಸಂಸದರಿಗೂ ಸಂಪುಟದಲ್ಲಿ ಸ್ಥಾನ ಸಿಗುವ ನಿರೀಕ್ಷೆ ಇದೆ. ಸಂಸತ್ ಮುಂಗಾರು ಅಧಿವೇಶನಕ್ಕೆ ಮುನ್ನ ಸಂಪುಟ ವಿಸ್ತರಣೆ ಆಗುವ ಸಂಭವವಿದೆ ಎಂದು ಮೂಲಗಳು ತಿಳಿಸಿವೆ.
Printed by T.S. Gopinath, Published by M. Govinde Gowda on behalf of Academy Newspapers Private Limited, 15-C Industrial 'A' Layout, Bannimantap, Mysore-570 015 and Printed at Academy Newspapers Private Limited, 15-C Industrial 'A' Layout, Bannimantap, Mysore-570 015 and Published at 15-C Industrial 'A' Layout, Bannimantap, Mysore-570 015, Editor: M. Govinde Gowda Ph: 2496520 / 2496521 / 2496526 / 2496527 / 2496528. Fax: 0821-2496525. City Offices: Visveswaraya Building, III Floor, K.R. Circle, Mysore-570 001, Ph: 2431774 and No. 114, D. Devaraj Urs Road (Opposite Big Bus), Mysore-570 001. Ph: 2428695. RNI Reg. No. 36581 / 1980 E-mail address: mysoorumithra@gmail.com For advertisements: mysoorumithra@gmail.com
